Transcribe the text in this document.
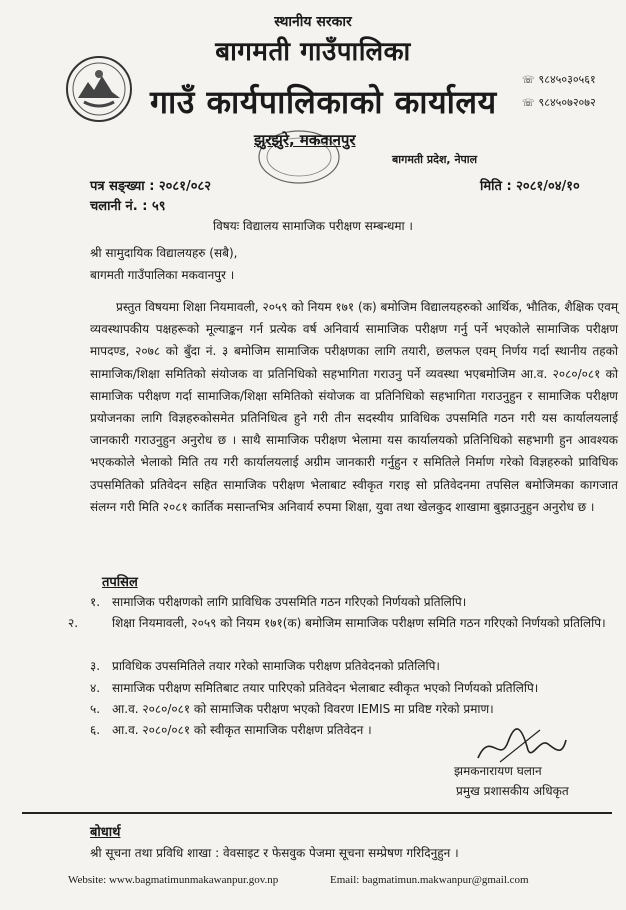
स्थानीय सरकार
बागमती गाउँपालिका
गाउँ कार्यपालिकाको कार्यालय
☏ ९८४५०३०५६१
☏ ९८४५०७२०७२
झुरझुरे, मकवानपुर
बागमती प्रदेश, नेपाल
पत्र सङ्ख्या : २०८१/०८२	मिति : २०८१/०४/१०
चलानी नं. : ५९
विषयः विद्यालय सामाजिक परीक्षण सम्बन्धमा ।
श्री सामुदायिक विद्यालयहरु (सबै),
बागमती गाउँपालिका मकवानपुर ।
प्रस्तुत विषयमा शिक्षा नियमावली, २०५९ को नियम १७१ (क) बमोजिम विद्यालयहरुको आर्थिक, भौतिक, शैक्षिक एवम् व्यवस्थापकीय पक्षहरूको मूल्याङ्कन गर्न प्रत्येक वर्ष अनिवार्य सामाजिक परीक्षण गर्नु पर्ने भएकोले सामाजिक परीक्षण मापदण्ड, २०७८ को बुँदा नं. ३ बमोजिम सामाजिक परीक्षणका लागि तयारी, छलफल एवम् निर्णय गर्दा स्थानीय तहको सामाजिक/शिक्षा समितिको संयोजक वा प्रतिनिधिको सहभागिता गराउनु पर्ने व्यवस्था भएबमोजिम आ.व. २०८०/०८१ को सामाजिक परीक्षण गर्दा सामाजिक/शिक्षा समितिको संयोजक वा प्रतिनिधिको सहभागिता गराउनुहुन र सामाजिक परीक्षण प्रयोजनका लागि विज्ञहरुकोसमेत प्रतिनिधित्व हुने गरी तीन सदस्यीय प्राविधिक उपसमिति गठन गरी यस कार्यालयलाई जानकारी गराउनुहुन अनुरोध छ । साथै सामाजिक परीक्षण भेलामा यस कार्यालयको प्रतिनिधिको सहभागी हुन आवश्यक भएककोले भेलाको मिति तय गरी कार्यालयलाई अग्रीम जानकारी गर्नुहुन र समितिले निर्माण गरेको विज्ञहरुको प्राविधिक उपसमितिको प्रतिवेदन सहित सामाजिक परीक्षण भेलाबाट स्वीकृत गराइ सो प्रतिवेदनमा तपसिल बमोजिमका कागजात संलग्न गरी मिति २०८१ कार्तिक मसान्तभित्र अनिवार्य रुपमा शिक्षा, युवा तथा खेलकुद शाखामा बुझाउनुहुन अनुरोध छ ।
तपसिल
१. सामाजिक परीक्षणको लागि प्राविधिक उपसमिति गठन गरिएको निर्णयको प्रतिलिपि।
२.	शिक्षा नियमावली, २०५९ को नियम १७१(क) बमोजिम सामाजिक परीक्षण समिति गठन गरिएको निर्णयको प्रतिलिपि।
३. प्राविधिक उपसमितिले तयार गरेको सामाजिक परीक्षण प्रतिवेदनको प्रतिलिपि।
४. सामाजिक परीक्षण समितिबाट तयार पारिएको प्रतिवेदन भेलाबाट स्वीकृत भएको निर्णयको प्रतिलिपि।
५. आ.व. २०८०/०८१ को सामाजिक परीक्षण भएको विवरण IEMIS मा प्रविष्ट गरेको प्रमाण।
६. आ.व. २०८०/०८१ को स्वीकृत सामाजिक परीक्षण प्रतिवेदन ।
झमकनारायण घलान
प्रमुख प्रशासकीय अधिकृत
बोधार्थ
श्री सूचना तथा प्रविधि शाखा : वेवसाइट र फेसवुक पेजमा सूचना सम्प्रेषण गरिदिनुहुन ।
Website: www.bagmatimunmakawanpur.gov.np	Email: bagmatimun.makwanpur@gmail.com
